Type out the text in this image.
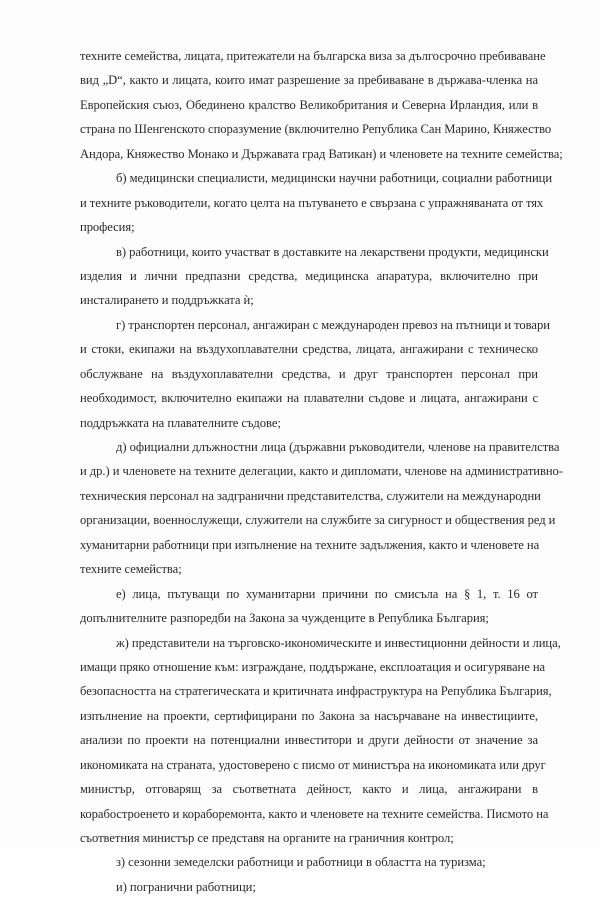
техните семейства, лицата, притежатели на българска виза за дългосрочно пребиваване
вид „D“, както и лицата, които имат разрешение за пребиваване в държава-членка на
Европейския съюз, Обединено кралство Великобритания и Северна Ирландия, или в
страна по Шенгенското споразумение (включително Република Сан Марино, Княжество
Андора, Княжество Монако и Държавата град Ватикан) и членовете на техните семейства;
б) медицински специалисти, медицински научни работници, социални работници
и техните ръководители, когато целта на пътуването е свързана с упражняваната от тях
професия;
в) работници, които участват в доставките на лекарствени продукти, медицински
изделия и лични предпазни средства, медицинска апаратура, включително при
инсталирането и поддръжката ѝ;
г) транспортен персонал, ангажиран с международен превоз на пътници и товари
и стоки, екипажи на въздухоплавателни средства, лицата, ангажирани с техническо
обслужване на въздухоплавателни средства, и друг транспортен персонал при
необходимост, включително екипажи на плавателни съдове и лицата, ангажирани с
поддръжката на плавателните съдове;
д) официални длъжностни лица (държавни ръководители, членове на правителства
и др.) и членовете на техните делегации, както и дипломати, членове на административно-
техническия персонал на задгранични представителства, служители на международни
организации, военнослужещи, служители на службите за сигурност и обществения ред и
хуманитарни работници при изпълнение на техните задължения, както и членовете на
техните семейства;
е) лица, пътуващи по хуманитарни причини по смисъла на § 1, т. 16 от
допълнителните разпоредби на Закона за чужденците в Република България;
ж) представители на търговско-икономическите и инвестиционни дейности и лица,
имащи пряко отношение към: изграждане, поддържане, експлоатация и осигуряване на
безопасността на стратегическата и критичната инфраструктура на Република България,
изпълнение на проекти, сертифицирани по Закона за насърчаване на инвестициите,
анализи по проекти на потенциални инвеститори и други дейности от значение за
икономиката на страната, удостоверено с писмо от министъра на икономиката или друг
министър, отговарящ за съответната дейност, както и лица, ангажирани в
корабостроенето и кораборемонта, както и членовете на техните семейства. Писмото на
съответния министър се представя на органите на граничния контрол;
з) сезонни земеделски работници и работници в областта на туризма;
и) погранични работници;
